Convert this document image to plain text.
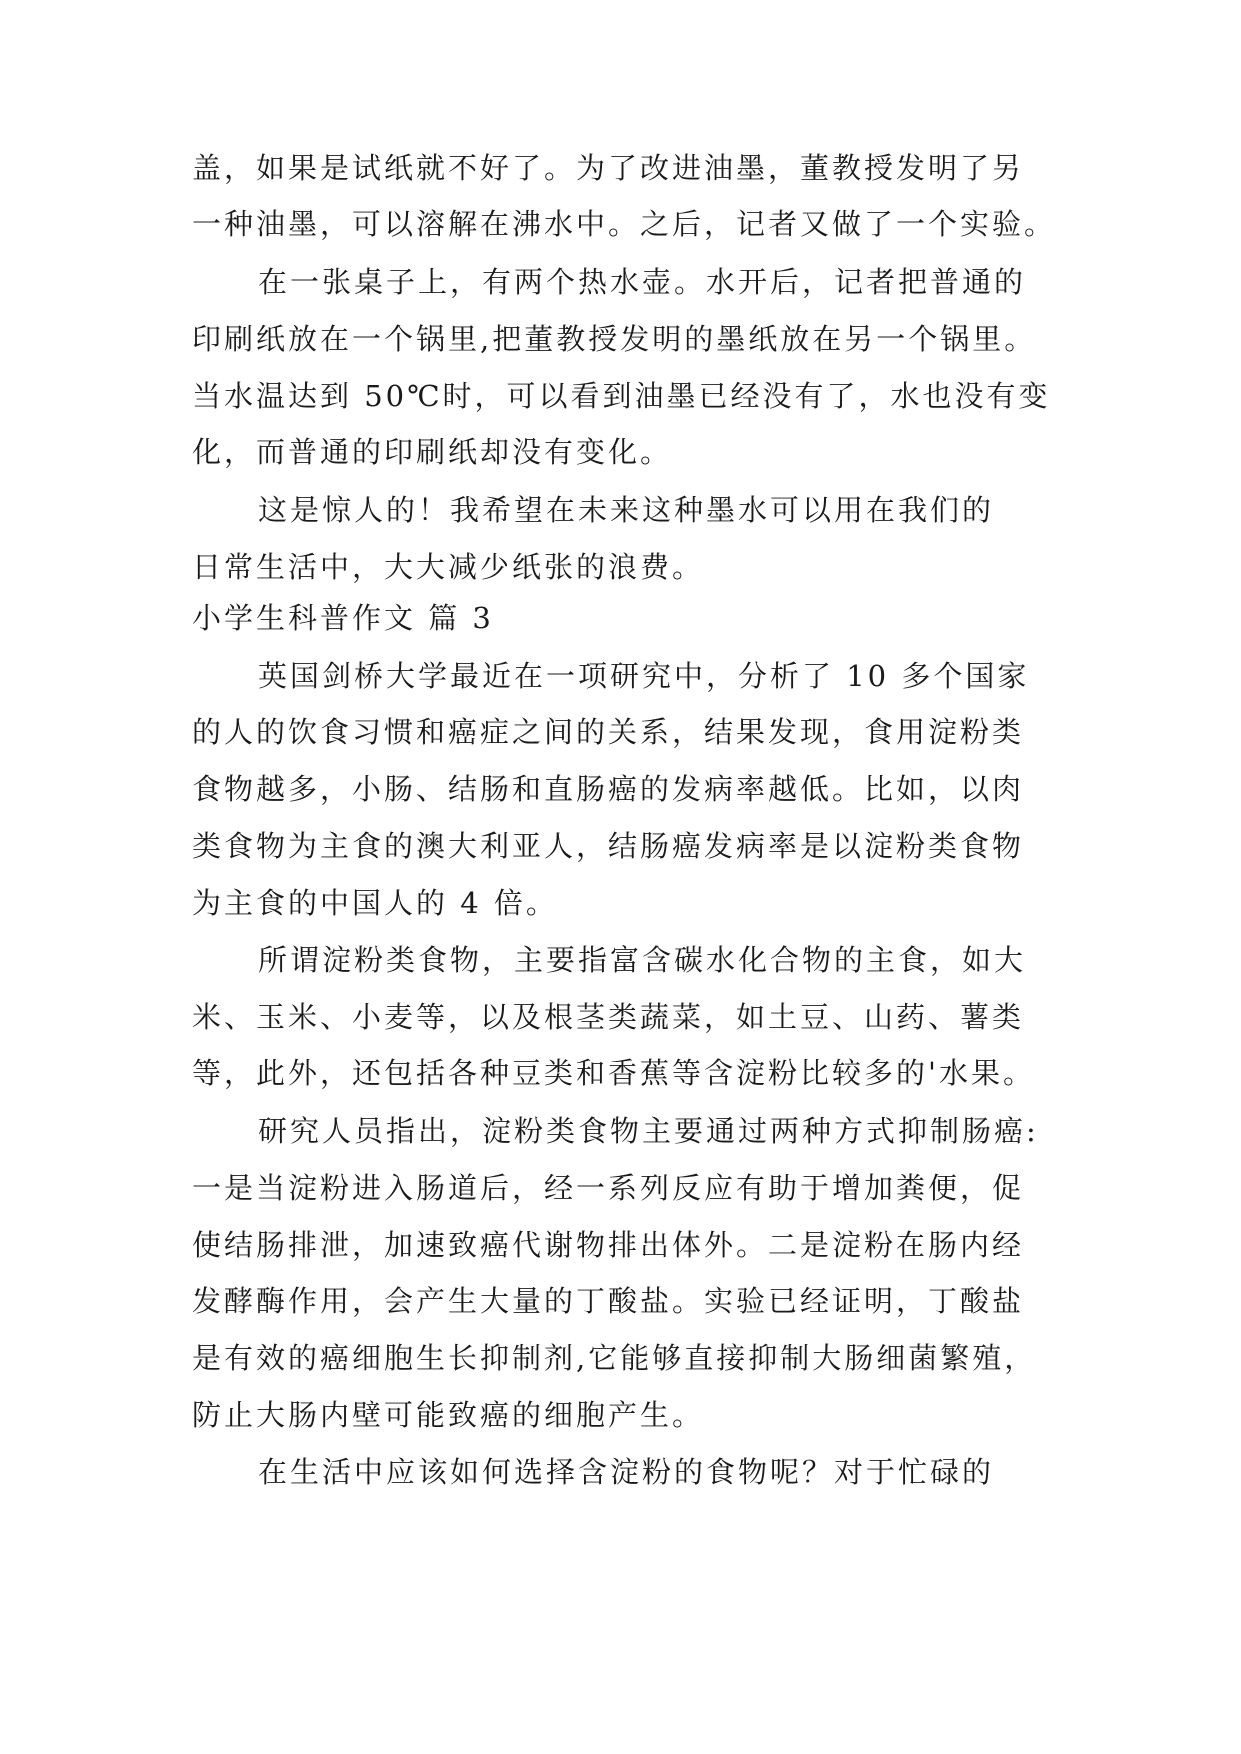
盖，如果是试纸就不好了。为了改进油墨，董教授发明了另
一种油墨，可以溶解在沸水中。之后，记者又做了一个实验。
在一张桌子上，有两个热水壶。水开后，记者把普通的
印刷纸放在一个锅里,把董教授发明的墨纸放在另一个锅里。
当水温达到 50℃时，可以看到油墨已经没有了，水也没有变
化，而普通的印刷纸却没有变化。
这是惊人的！我希望在未来这种墨水可以用在我们的
日常生活中，大大减少纸张的浪费。
小学生科普作文 篇 3
英国剑桥大学最近在一项研究中，分析了 10 多个国家
的人的饮食习惯和癌症之间的关系，结果发现，食用淀粉类
食物越多，小肠、结肠和直肠癌的发病率越低。比如，以肉
类食物为主食的澳大利亚人，结肠癌发病率是以淀粉类食物
为主食的中国人的 4 倍。
所谓淀粉类食物，主要指富含碳水化合物的主食，如大
米、玉米、小麦等，以及根茎类蔬菜，如土豆、山药、薯类
等，此外，还包括各种豆类和香蕉等含淀粉比较多的'水果。
研究人员指出，淀粉类食物主要通过两种方式抑制肠癌:
一是当淀粉进入肠道后，经一系列反应有助于增加粪便，促
使结肠排泄，加速致癌代谢物排出体外。二是淀粉在肠内经
发酵酶作用，会产生大量的丁酸盐。实验已经证明，丁酸盐
是有效的癌细胞生长抑制剂,它能够直接抑制大肠细菌繁殖，
防止大肠内壁可能致癌的细胞产生。
在生活中应该如何选择含淀粉的食物呢？对于忙碌的
